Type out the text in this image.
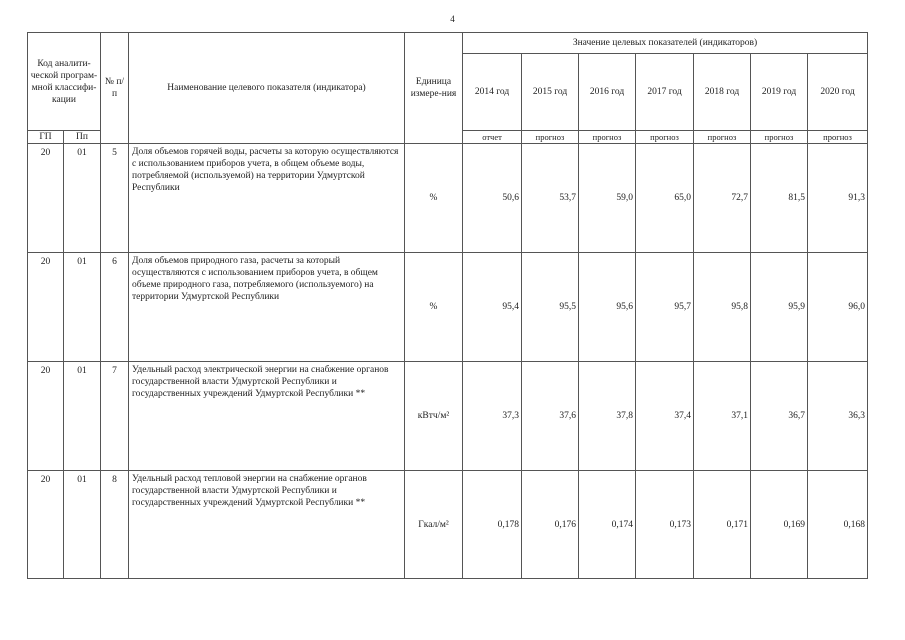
4
Код аналити-ческой програм-мной классифи-кации		№ п/п	Наименование целевого показателя (индикатора)	Единица измере-ния	Значение целевых показателей (индикаторов)						
					2014 год	2015 год	2016 год	2017 год	2018 год	2019 год	2020 год
ГП	Пп				отчет	прогноз	прогноз	прогноз	прогноз	прогноз	прогноз
20	01	5	Доля объемов горячей воды, расчеты за которую осуществляются с использованием приборов учета, в общем объеме воды, потребляемой (используемой) на территории Удмуртской Республики	%	50,6	53,7	59,0	65,0	72,7	81,5	91,3
20	01	6	Доля объемов природного газа, расчеты за который осуществляются с использованием приборов учета, в общем объеме природного газа, потребляемого (используемого) на территории Удмуртской Республики	%	95,4	95,5	95,6	95,7	95,8	95,9	96,0
20	01	7	Удельный расход электрической энергии на снабжение органов государственной власти Удмуртской Республики и государственных учреждений Удмуртской Республики **	кВтч/м²	37,3	37,6	37,8	37,4	37,1	36,7	36,3
20	01	8	Удельный расход тепловой энергии на снабжение органов государственной власти Удмуртской Республики и государственных учреждений Удмуртской Республики **	Гкал/м²	0,178	0,176	0,174	0,173	0,171	0,169	0,168
